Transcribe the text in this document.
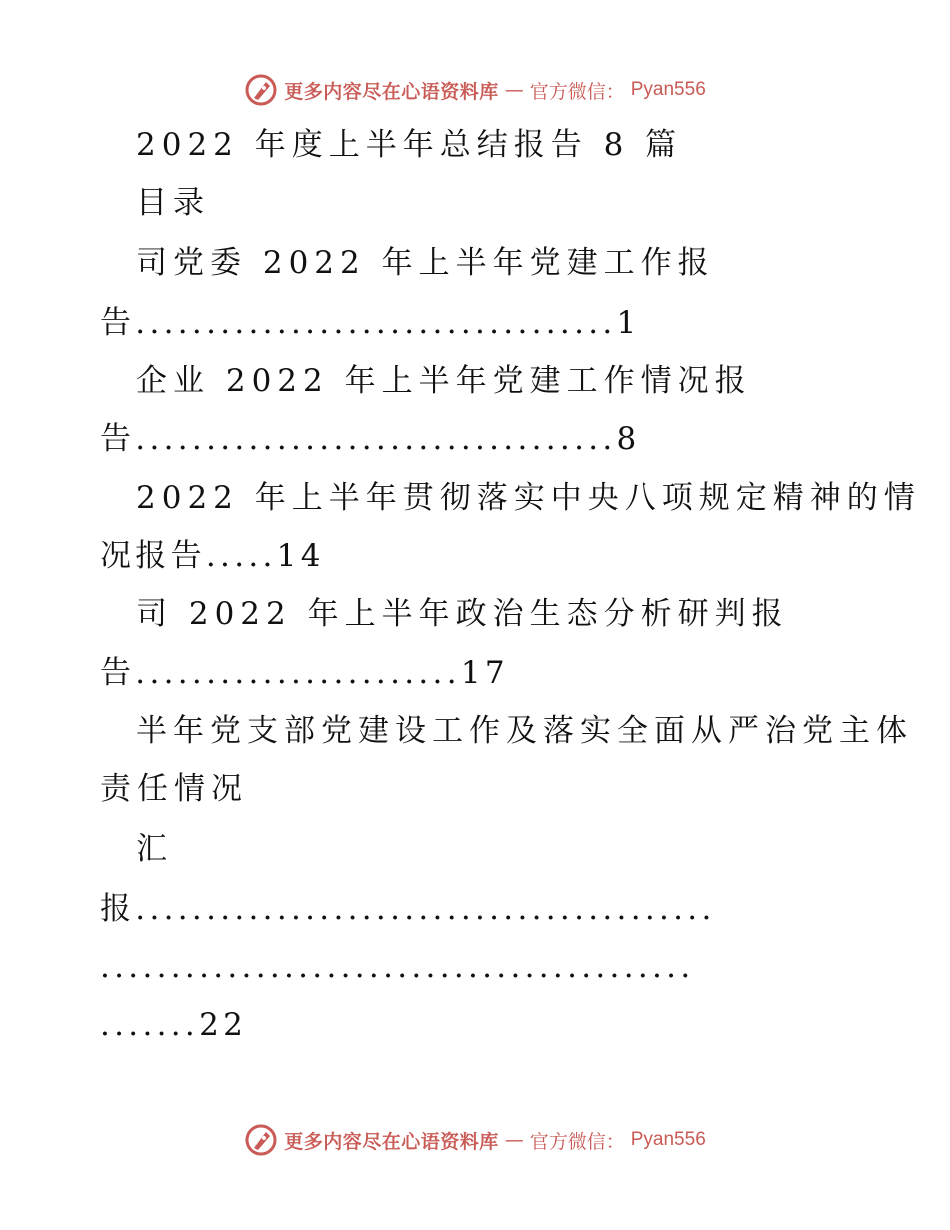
更多内容尽在心语资料库 — 官方微信： Pyan556
2022 年度上半年总结报告 8 篇
目录
司党委 2022 年上半年党建工作报
告..................................1
企业 2022 年上半年党建工作情况报
告..................................8
2022 年上半年贯彻落实中央八项规定精神的情
况报告.....14
司 2022 年上半年政治生态分析研判报
告.......................17
半年党支部党建设工作及落实全面从严治党主体
责任情况
汇
报.........................................
..........................................
.......22
更多内容尽在心语资料库 — 官方微信： Pyan556
